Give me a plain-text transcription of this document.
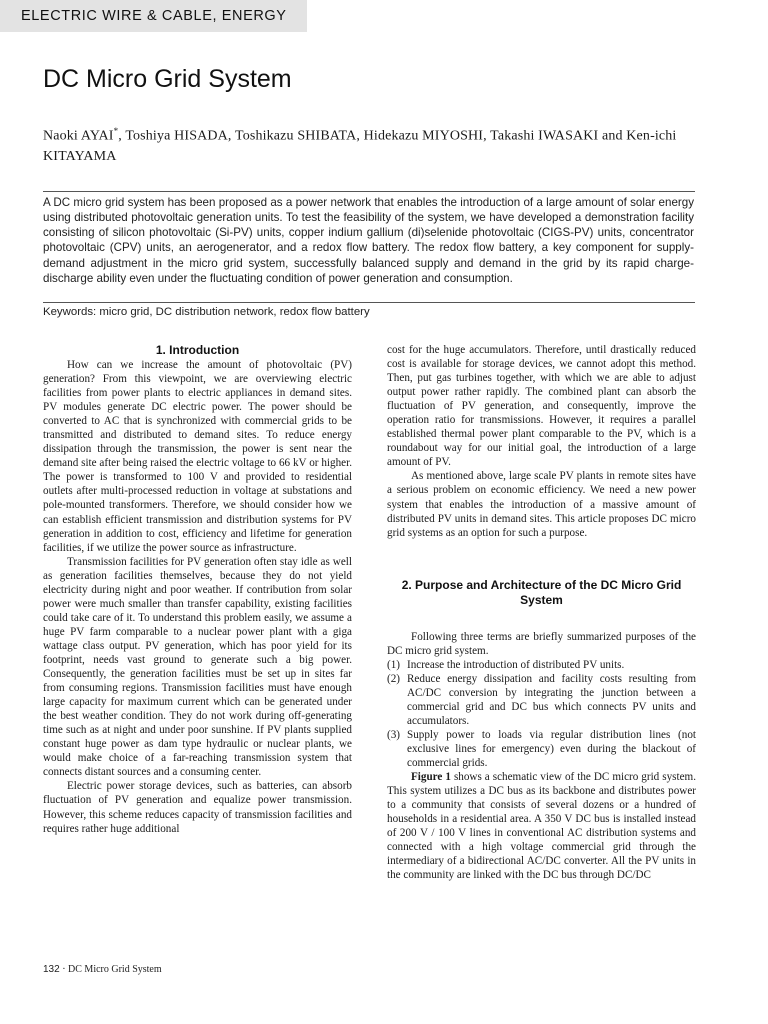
ELECTRIC WIRE & CABLE, ENERGY
DC Micro Grid System
Naoki AYAI*, Toshiya HISADA, Toshikazu SHIBATA, Hidekazu MIYOSHI, Takashi IWASAKI and Ken-ichi KITAYAMA

A DC micro grid system has been proposed as a power network that enables the introduction of a large amount of solar energy using distributed photovoltaic generation units. To test the feasibility of the system, we have developed a demonstration facility consisting of silicon photovoltaic (Si-PV) units, copper indium gallium (di)selenide photovoltaic (CIGS-PV) units, concentrator photovoltaic (CPV) units, an aerogenerator, and a redox flow battery. The redox flow battery, a key component for supply-demand adjustment in the micro grid system, successfully balanced supply and demand in the grid by its rapid charge-discharge ability even under the fluctuating condition of power generation and consumption.

Keywords: micro grid, DC distribution network, redox flow battery

1. Introduction

How can we increase the amount of photovoltaic (PV) generation? From this viewpoint, we are overviewing electric facilities from power plants to electric appliances in demand sites. PV modules generate DC electric power. The power should be converted to AC that is synchronized with commercial grids to be transmitted and distributed to demand sites. To reduce energy dissipation through the transmission, the power is sent near the demand site after being raised the electric voltage to 66 kV or higher. The power is transformed to 100 V and provided to residential outlets after multi-processed reduction in voltage at substations and pole-mounted transformers. Therefore, we should consider how we can establish efficient transmission and distribution systems for PV generation in addition to cost, efficiency and lifetime for generation facilities, if we utilize the power source as infrastructure.

Transmission facilities for PV generation often stay idle as well as generation facilities themselves, because they do not yield electricity during night and poor weather. If contribution from solar power were much smaller than transfer capability, existing facilities could take care of it. To understand this problem easily, we assume a huge PV farm comparable to a nuclear power plant with a giga wattage class output. PV generation, which has poor yield for its footprint, needs vast ground to generate such a big power. Consequently, the generation facilities must be set up in sites far from consuming regions. Transmission facilities must have enough large capacity for maximum current which can be generated under the best weather condition. They do not work during off-generating time such as at night and under poor sunshine. If PV plants supplied constant huge power as dam type hydraulic or nuclear plants, we would make choice of a far-reaching transmission system that connects distant sources and a consuming center.

Electric power storage devices, such as batteries, can absorb fluctuation of PV generation and equalize power transmission. However, this scheme reduces capacity of transmission facilities and requires rather huge additional

cost for the huge accumulators. Therefore, until drastically reduced cost is available for storage devices, we cannot adopt this method. Then, put gas turbines together, with which we are able to adjust output power rather rapidly. The combined plant can absorb the fluctuation of PV generation, and consequently, improve the operation ratio for transmissions. However, it requires a parallel established thermal power plant comparable to the PV, which is a roundabout way for our initial goal, the introduction of a large amount of PV.

As mentioned above, large scale PV plants in remote sites have a serious problem on economic efficiency. We need a new power system that enables the introduction of a massive amount of distributed PV units in demand sites. This article proposes DC micro grid systems as an option for such a purpose.

2. Purpose and Architecture of the DC Micro Grid System

Following three terms are briefly summarized purposes of the DC micro grid system.

(1) Increase the introduction of distributed PV units.
(2) Reduce energy dissipation and facility costs resulting from AC/DC conversion by integrating the junction between a commercial grid and DC bus which connects PV units and accumulators.
(3) Supply power to loads via regular distribution lines (not exclusive lines for emergency) even during the blackout of commercial grids.

Figure 1 shows a schematic view of the DC micro grid system. This system utilizes a DC bus as its backbone and distributes power to a community that consists of several dozens or a hundred of households in a residential area. A 350 V DC bus is installed instead of 200 V / 100 V lines in conventional AC distribution systems and connected with a high voltage commercial grid through the intermediary of a bidirectional AC/DC converter. All the PV units in the community are linked with the DC bus through DC/DC

132 · DC Micro Grid System
